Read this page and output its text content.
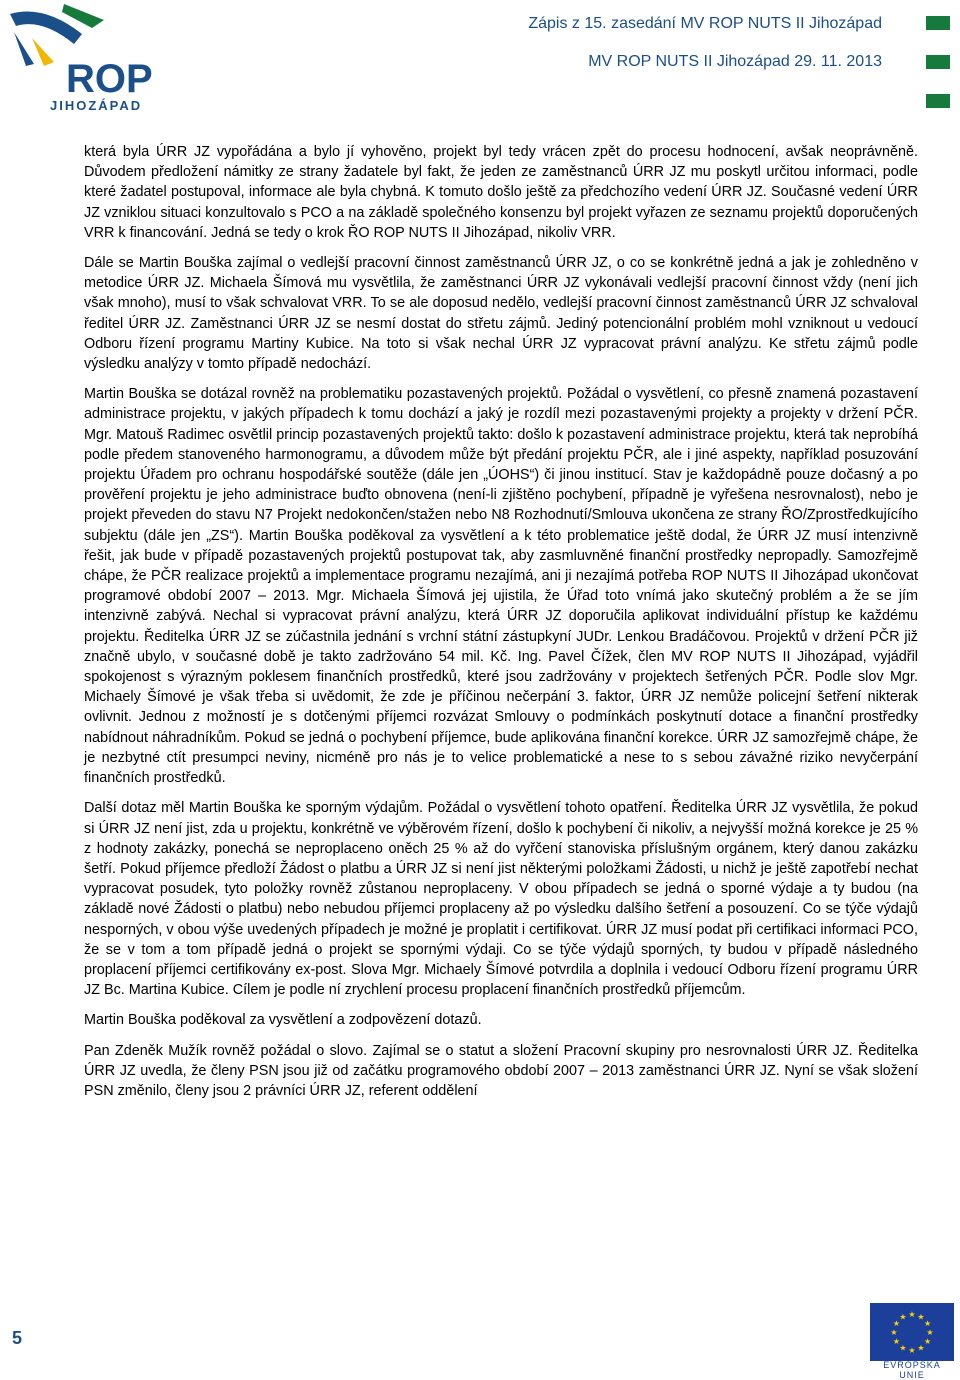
ROP
JIHOZÁPAD
Zápis z 15. zasedání MV ROP NUTS II Jihozápad
MV ROP NUTS II Jihozápad 29. 11. 2013

která byla ÚRR JZ vypořádána a bylo jí vyhověno, projekt byl tedy vrácen zpět do procesu hodnocení, avšak neoprávněně. Důvodem předložení námitky ze strany žadatele byl fakt, že jeden ze zaměstnanců ÚRR JZ mu poskytl určitou informaci, podle které žadatel postupoval, informace ale byla chybná. K tomuto došlo ještě za předchozího vedení ÚRR JZ. Současné vedení ÚRR JZ vzniklou situaci konzultovalo s PCO a na základě společného konsenzu byl projekt vyřazen ze seznamu projektů doporučených VRR k financování. Jedná se tedy o krok ŘO ROP NUTS II Jihozápad, nikoliv VRR.

Dále se Martin Bouška zajímal o vedlejší pracovní činnost zaměstnanců ÚRR JZ, o co se konkrétně jedná a jak je zohledněno v metodice ÚRR JZ. Michaela Šímová mu vysvětlila, že zaměstnanci ÚRR JZ vykonávali vedlejší pracovní činnost vždy (není jich však mnoho), musí to však schvalovat VRR. To se ale doposud nedělo, vedlejší pracovní činnost zaměstnanců ÚRR JZ schvaloval ředitel ÚRR JZ. Zaměstnanci ÚRR JZ se nesmí dostat do střetu zájmů. Jediný potencionální problém mohl vzniknout u vedoucí Odboru řízení programu Martiny Kubice. Na toto si však nechal ÚRR JZ vypracovat právní analýzu. Ke střetu zájmů podle výsledku analýzy v tomto případě nedochází.

Martin Bouška se dotázal rovněž na problematiku pozastavených projektů. Požádal o vysvětlení, co přesně znamená pozastavení administrace projektu, v jakých případech k tomu dochází a jaký je rozdíl mezi pozastavenými projekty a projekty v držení PČR. Mgr. Matouš Radimec osvětlil princip pozastavených projektů takto: došlo k pozastavení administrace projektu, která tak neprobíhá podle předem stanoveného harmonogramu, a důvodem může být předání projektu PČR, ale i jiné aspekty, například posuzování projektu Úřadem pro ochranu hospodářské soutěže (dále jen „ÚOHS“) či jinou institucí. Stav je každopádně pouze dočasný a po prověření projektu je jeho administrace buďto obnovena (není-li zjištěno pochybení, případně je vyřešena nesrovnalost), nebo je projekt převeden do stavu N7 Projekt nedokončen/stažen nebo N8 Rozhodnutí/Smlouva ukončena ze strany ŘO/Zprostředkujícího subjektu (dále jen „ZS“). Martin Bouška poděkoval za vysvětlení a k této problematice ještě dodal, že ÚRR JZ musí intenzivně řešit, jak bude v případě pozastavených projektů postupovat tak, aby zasmluvněné finanční prostředky nepropadly. Samozřejmě chápe, že PČR realizace projektů a implementace programu nezajímá, ani ji nezajímá potřeba ROP NUTS II Jihozápad ukončovat programové období 2007 – 2013. Mgr. Michaela Šímová jej ujistila, že Úřad toto vnímá jako skutečný problém a že se jím intenzivně zabývá. Nechal si vypracovat právní analýzu, která ÚRR JZ doporučila aplikovat individuální přístup ke každému projektu. Ředitelka ÚRR JZ se zúčastnila jednání s vrchní státní zástupkyní JUDr. Lenkou Bradáčovou. Projektů v držení PČR již značně ubylo, v současné době je takto zadržováno 54 mil. Kč. Ing. Pavel Čížek, člen MV ROP NUTS II Jihozápad, vyjádřil spokojenost s výrazným poklesem finančních prostředků, které jsou zadržovány v projektech šetřených PČR. Podle slov Mgr. Michaely Šímové je však třeba si uvědomit, že zde je příčinou nečerpání 3. faktor, ÚRR JZ nemůže policejní šetření nikterak ovlivnit. Jednou z možností je s dotčenými příjemci rozvázat Smlouvy o podmínkách poskytnutí dotace a finanční prostředky nabídnout náhradníkům. Pokud se jedná o pochybení příjemce, bude aplikována finanční korekce. ÚRR JZ samozřejmě chápe, že je nezbytné ctít presumpci neviny, nicméně pro nás je to velice problematické a nese to s sebou závažné riziko nevyčerpání finančních prostředků.

Další dotaz měl Martin Bouška ke sporným výdajům. Požádal o vysvětlení tohoto opatření. Ředitelka ÚRR JZ vysvětlila, že pokud si ÚRR JZ není jist, zda u projektu, konkrétně ve výběrovém řízení, došlo k pochybení či nikoliv, a nejvyšší možná korekce je 25 % z hodnoty zakázky, ponechá se neproplaceno oněch 25 % až do vyřčení stanoviska příslušným orgánem, který danou zakázku šetří. Pokud příjemce předloží Žádost o platbu a ÚRR JZ si není jist některými položkami Žádosti, u nichž je ještě zapotřebí nechat vypracovat posudek, tyto položky rovněž zůstanou neproplaceny. V obou případech se jedná o sporné výdaje a ty budou (na základě nové Žádosti o platbu) nebo nebudou příjemci proplaceny až po výsledku dalšího šetření a posouzení. Co se týče výdajů nesporných, v obou výše uvedených případech je možné je proplatit i certifikovat. ÚRR JZ musí podat při certifikaci informaci PCO, že se v tom a tom případě jedná o projekt se spornými výdaji. Co se týče výdajů sporných, ty budou v případě následného proplacení příjemci certifikovány ex-post. Slova Mgr. Michaely Šímové potvrdila a doplnila i vedoucí Odboru řízení programu ÚRR JZ Bc. Martina Kubice. Cílem je podle ní zrychlení procesu proplacení finančních prostředků příjemcům.

Martin Bouška poděkoval za vysvětlení a zodpovězení dotazů.

Pan Zdeněk Mužík rovněž požádal o slovo. Zajímal se o statut a složení Pracovní skupiny pro nesrovnalosti ÚRR JZ. Ředitelka ÚRR JZ uvedla, že členy PSN jsou již od začátku programového období 2007 – 2013 zaměstnanci ÚRR JZ. Nyní se však složení PSN změnilo, členy jsou 2 právníci ÚRR JZ, referent oddělení

5
★ ★
★
★
★
★
★
★
★
★
★
★
EVROPSKÁ UNIE
